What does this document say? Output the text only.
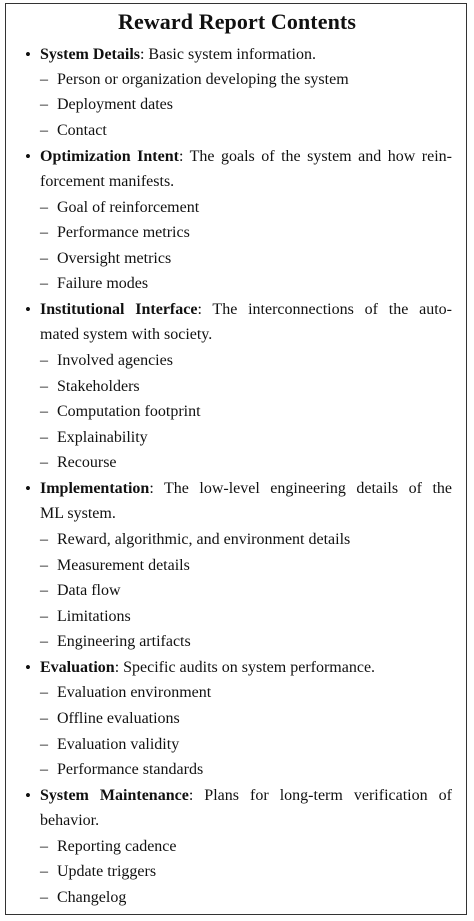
Reward Report Contents
• System Details: Basic system information.
– Person or organization developing the system
– Deployment dates
– Contact
• Optimization Intent: The goals of the system and how rein-
forcement manifests.
– Goal of reinforcement
– Performance metrics
– Oversight metrics
– Failure modes
• Institutional Interface: The interconnections of the auto-
mated system with society.
– Involved agencies
– Stakeholders
– Computation footprint
– Explainability
– Recourse
• Implementation: The low-level engineering details of the
ML system.
– Reward, algorithmic, and environment details
– Measurement details
– Data flow
– Limitations
– Engineering artifacts
• Evaluation: Specific audits on system performance.
– Evaluation environment
– Offline evaluations
– Evaluation validity
– Performance standards
• System Maintenance: Plans for long-term verification of
behavior.
– Reporting cadence
– Update triggers
– Changelog
